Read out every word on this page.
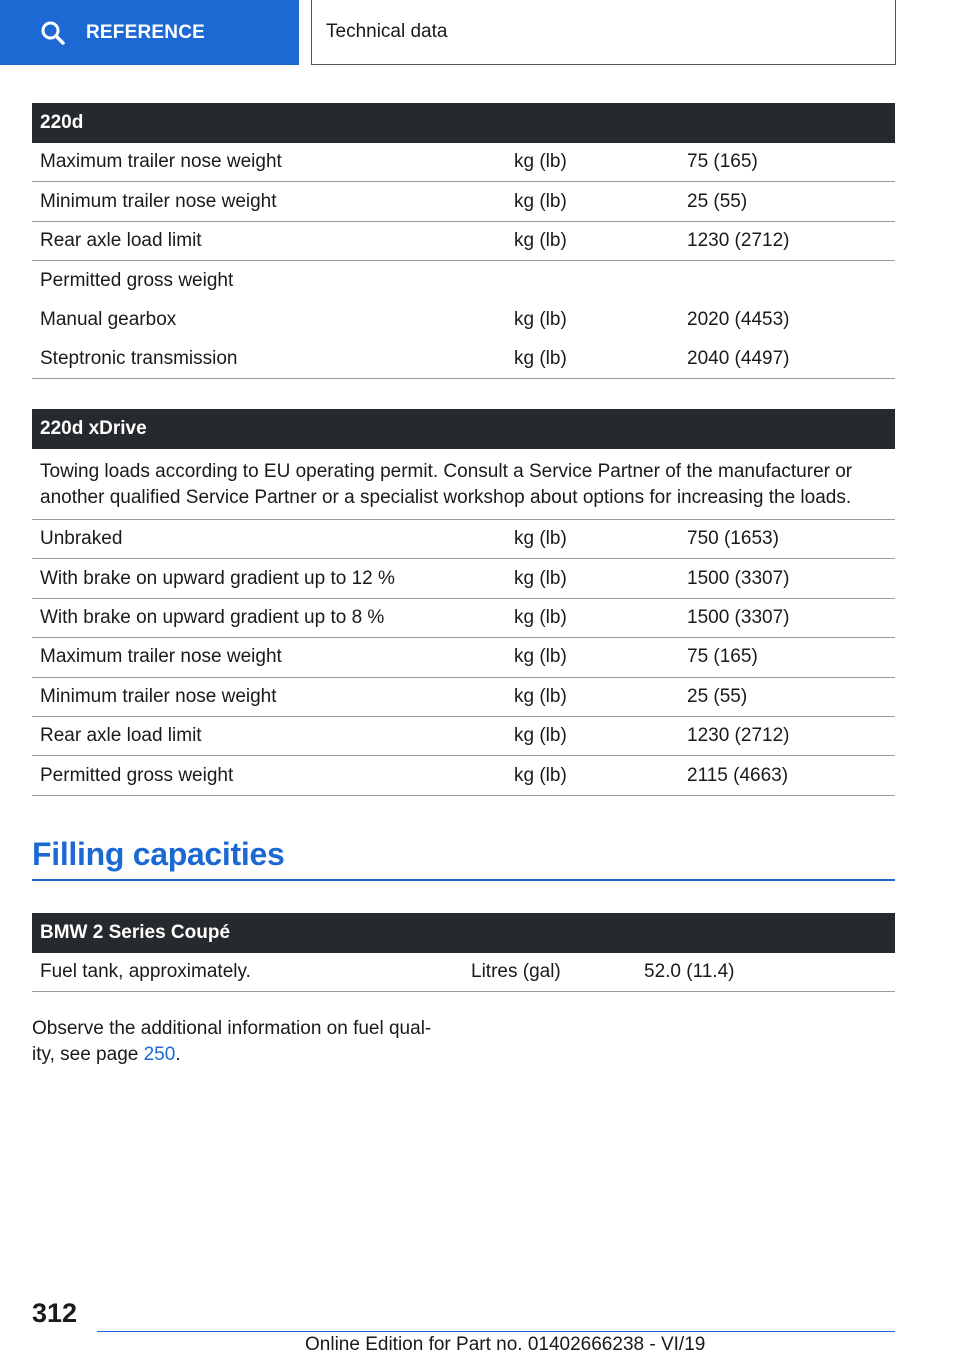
REFERENCE	Technical data
220d
Maximum trailer nose weight	kg (lb)	75 (165)
Minimum trailer nose weight	kg (lb)	25 (55)
Rear axle load limit	kg (lb)	1230 (2712)
Permitted gross weight
Manual gearbox	kg (lb)	2020 (4453)
Steptronic transmission	kg (lb)	2040 (4497)
220d xDrive
Towing loads according to EU operating permit. Consult a Service Partner of the manufacturer or another qualified Service Partner or a specialist workshop about options for increasing the loads.
Unbraked	kg (lb)	750 (1653)
With brake on upward gradient up to 12 %	kg (lb)	1500 (3307)
With brake on upward gradient up to 8 %	kg (lb)	1500 (3307)
Maximum trailer nose weight	kg (lb)	75 (165)
Minimum trailer nose weight	kg (lb)	25 (55)
Rear axle load limit	kg (lb)	1230 (2712)
Permitted gross weight	kg (lb)	2115 (4663)
Filling capacities
BMW 2 Series Coupé
Fuel tank, approximately.	Litres (gal)	52.0 (11.4)
Observe the additional information on fuel qual-
ity, see page 250.
312
Online Edition for Part no. 01402666238 - VI/19
